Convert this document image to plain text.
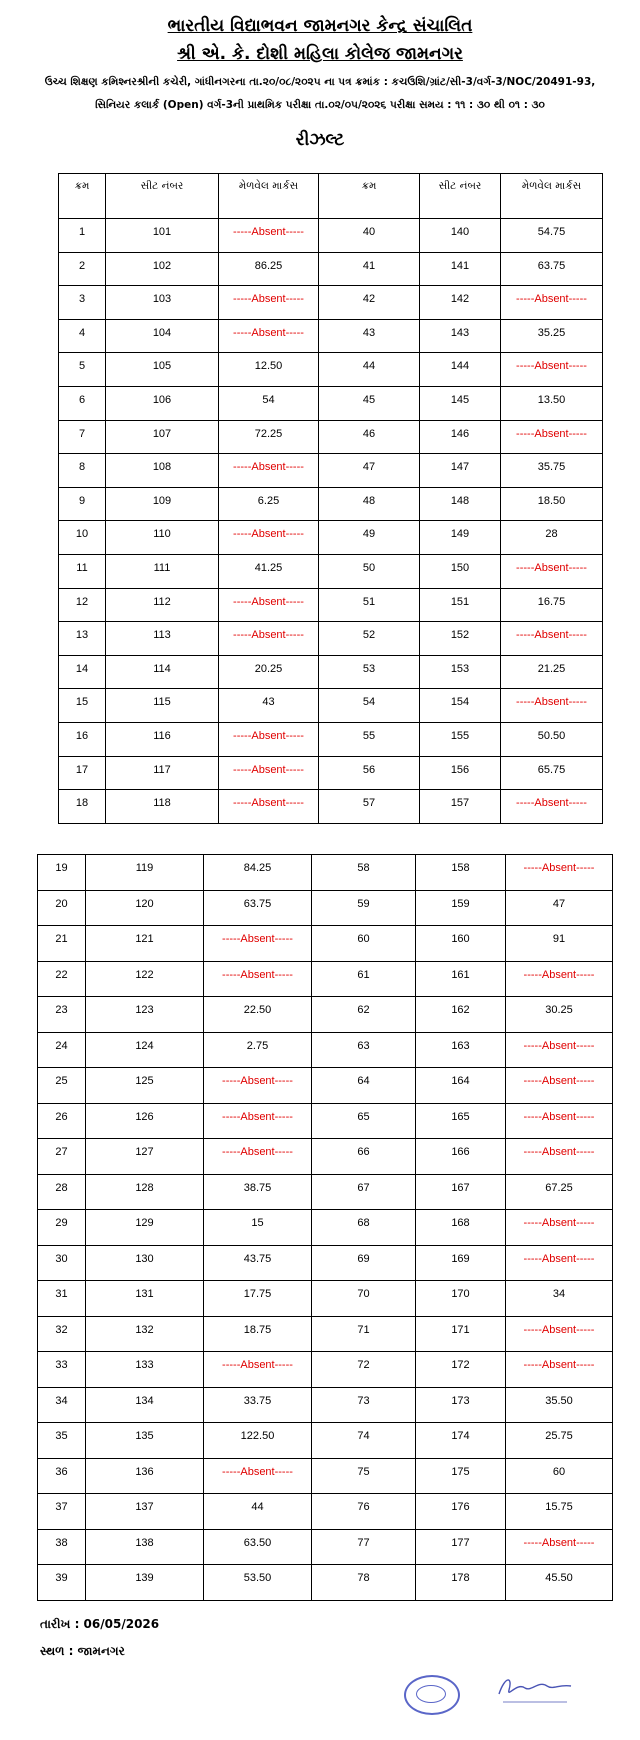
ભારતીય વિદ્યાભવન જામનગર કેન્દ્ર સંચાલિત
શ્રી એ. કે. દોશી મહિલા કોલેજ જામનગર
ઉચ્ચ શિક્ષણ કમિશ્નરશ્રીની કચેરી, ગાંધીનગરના તા.૨૦/૦૮/૨૦૨૫ ના પત્ર ક્રમાંક : કચઉશિ/ગ્રાંટ/સી-3/વર્ગ-3/NOC/20491-93,
સિનિયર કલાર્ક (Open) વર્ગ-3ની પ્રાથમિક પરીક્ષા તા.૦૨/૦૫/૨૦૨૬ પરીક્ષા સમય : ૧૧ : ૩૦ થી ૦૧ : ૩૦
રીઝલ્ટ
ક્રમ	સીટ નંબર	મેળવેલ માર્કસ	ક્રમ	સીટ નંબર	મેળવેલ માર્કસ
1	101	-----Absent-----	40	140	54.75
2	102	86.25	41	141	63.75
3	103	-----Absent-----	42	142	-----Absent-----
4	104	-----Absent-----	43	143	35.25
5	105	12.50	44	144	-----Absent-----
6	106	54	45	145	13.50
7	107	72.25	46	146	-----Absent-----
8	108	-----Absent-----	47	147	35.75
9	109	6.25	48	148	18.50
10	110	-----Absent-----	49	149	28
11	111	41.25	50	150	-----Absent-----
12	112	-----Absent-----	51	151	16.75
13	113	-----Absent-----	52	152	-----Absent-----
14	114	20.25	53	153	21.25
15	115	43	54	154	-----Absent-----
16	116	-----Absent-----	55	155	50.50
17	117	-----Absent-----	56	156	65.75
18	118	-----Absent-----	57	157	-----Absent-----
19	119	84.25	58	158	-----Absent-----
20	120	63.75	59	159	47
21	121	-----Absent-----	60	160	91
22	122	-----Absent-----	61	161	-----Absent-----
23	123	22.50	62	162	30.25
24	124	2.75	63	163	-----Absent-----
25	125	-----Absent-----	64	164	-----Absent-----
26	126	-----Absent-----	65	165	-----Absent-----
27	127	-----Absent-----	66	166	-----Absent-----
28	128	38.75	67	167	67.25
29	129	15	68	168	-----Absent-----
30	130	43.75	69	169	-----Absent-----
31	131	17.75	70	170	34
32	132	18.75	71	171	-----Absent-----
33	133	-----Absent-----	72	172	-----Absent-----
34	134	33.75	73	173	35.50
35	135	122.50	74	174	25.75
36	136	-----Absent-----	75	175	60
37	137	44	76	176	15.75
38	138	63.50	77	177	-----Absent-----
39	139	53.50	78	178	45.50
તારીખ : 06/05/2026
સ્થળ : જામનગર
